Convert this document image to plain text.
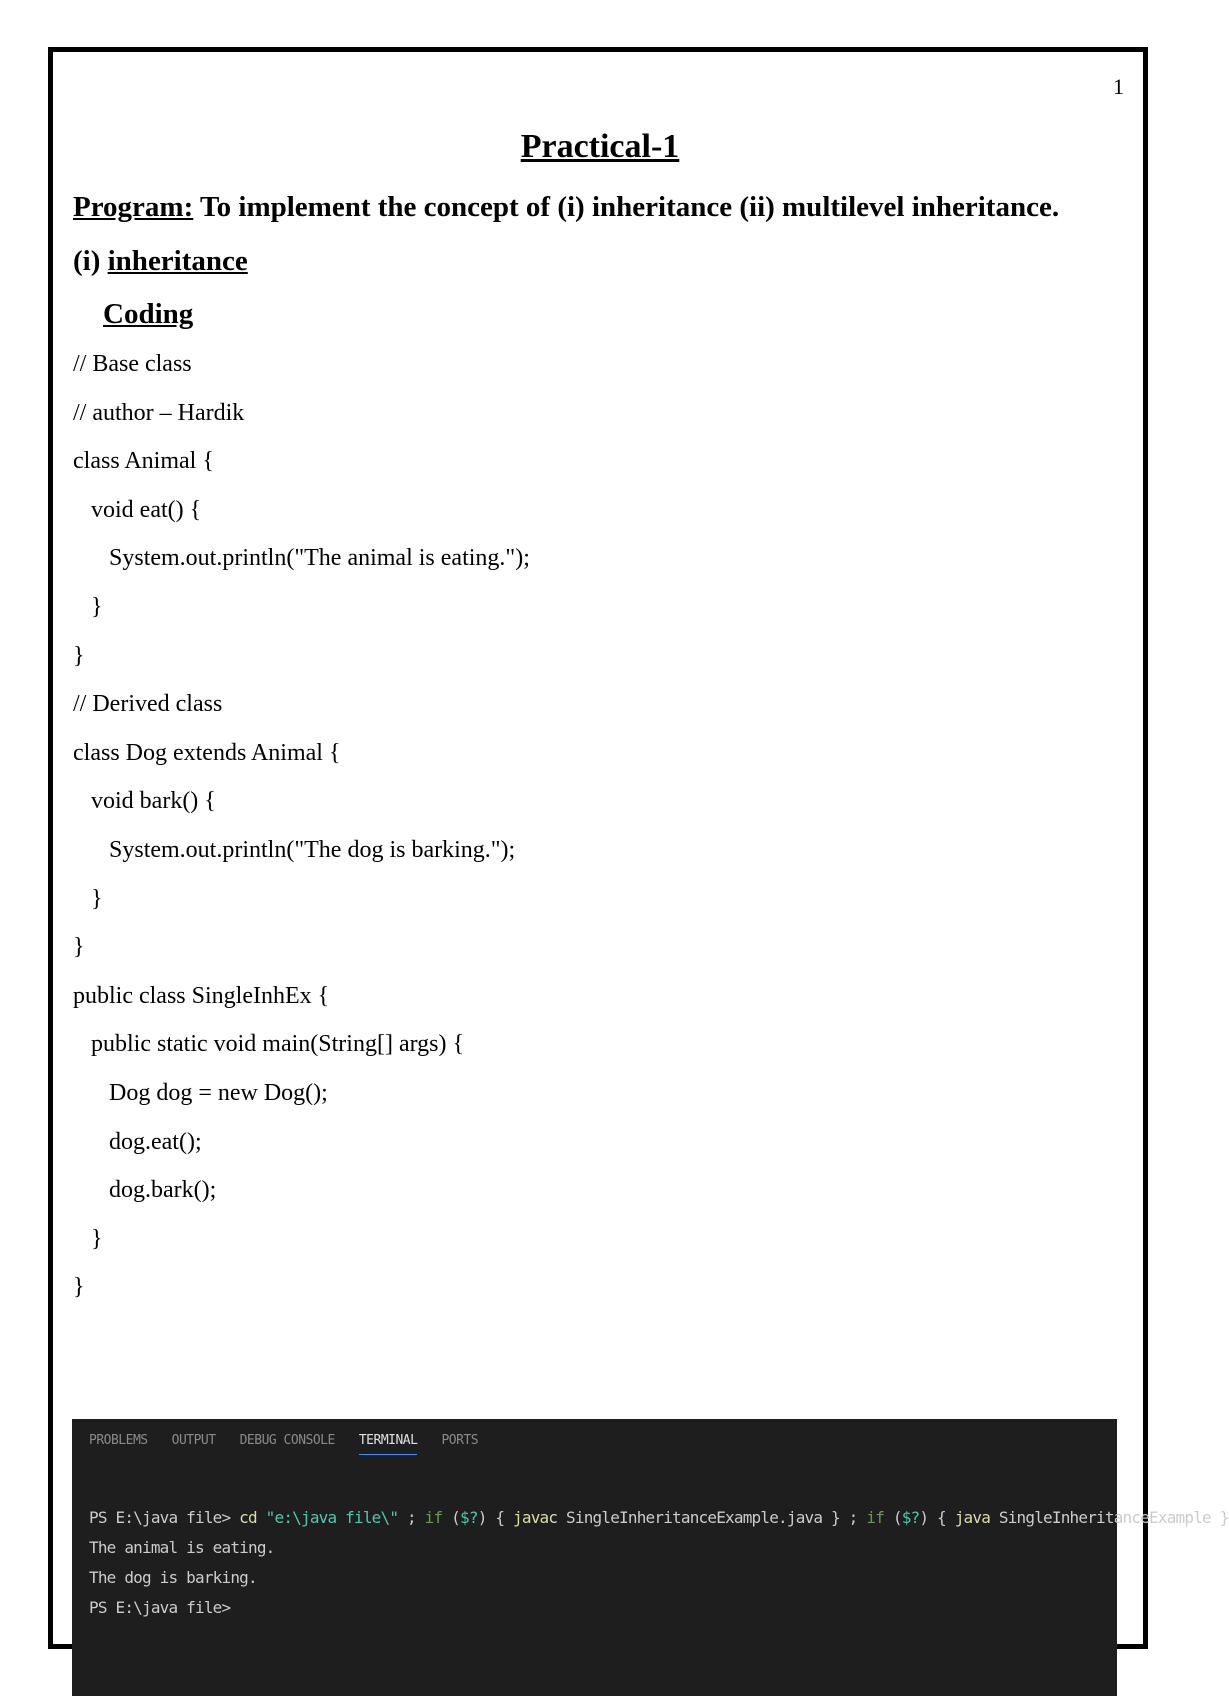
1
Practical-1
Program: To implement the concept of (i) inheritance (ii) multilevel inheritance.
(i) inheritance
Coding
// Base class
// author – Hardik
class Animal {
void eat() {
System.out.println("The animal is eating.");
}
}
// Derived class
class Dog extends Animal {
void bark() {
System.out.println("The dog is barking.");
}
}
public class SingleInhEx {
public static void main(String[] args) {
Dog dog = new Dog();
dog.eat();
dog.bark();
}
}
PROBLEMS OUTPUT DEBUG CONSOLE TERMINAL PORTS
PS E:\java file> cd "e:\java file\" ; if ($?) { javac SingleInheritanceExample.java } ; if ($?) { java SingleInheritanceExample }
The animal is eating.
The dog is barking.
PS E:\java file>
